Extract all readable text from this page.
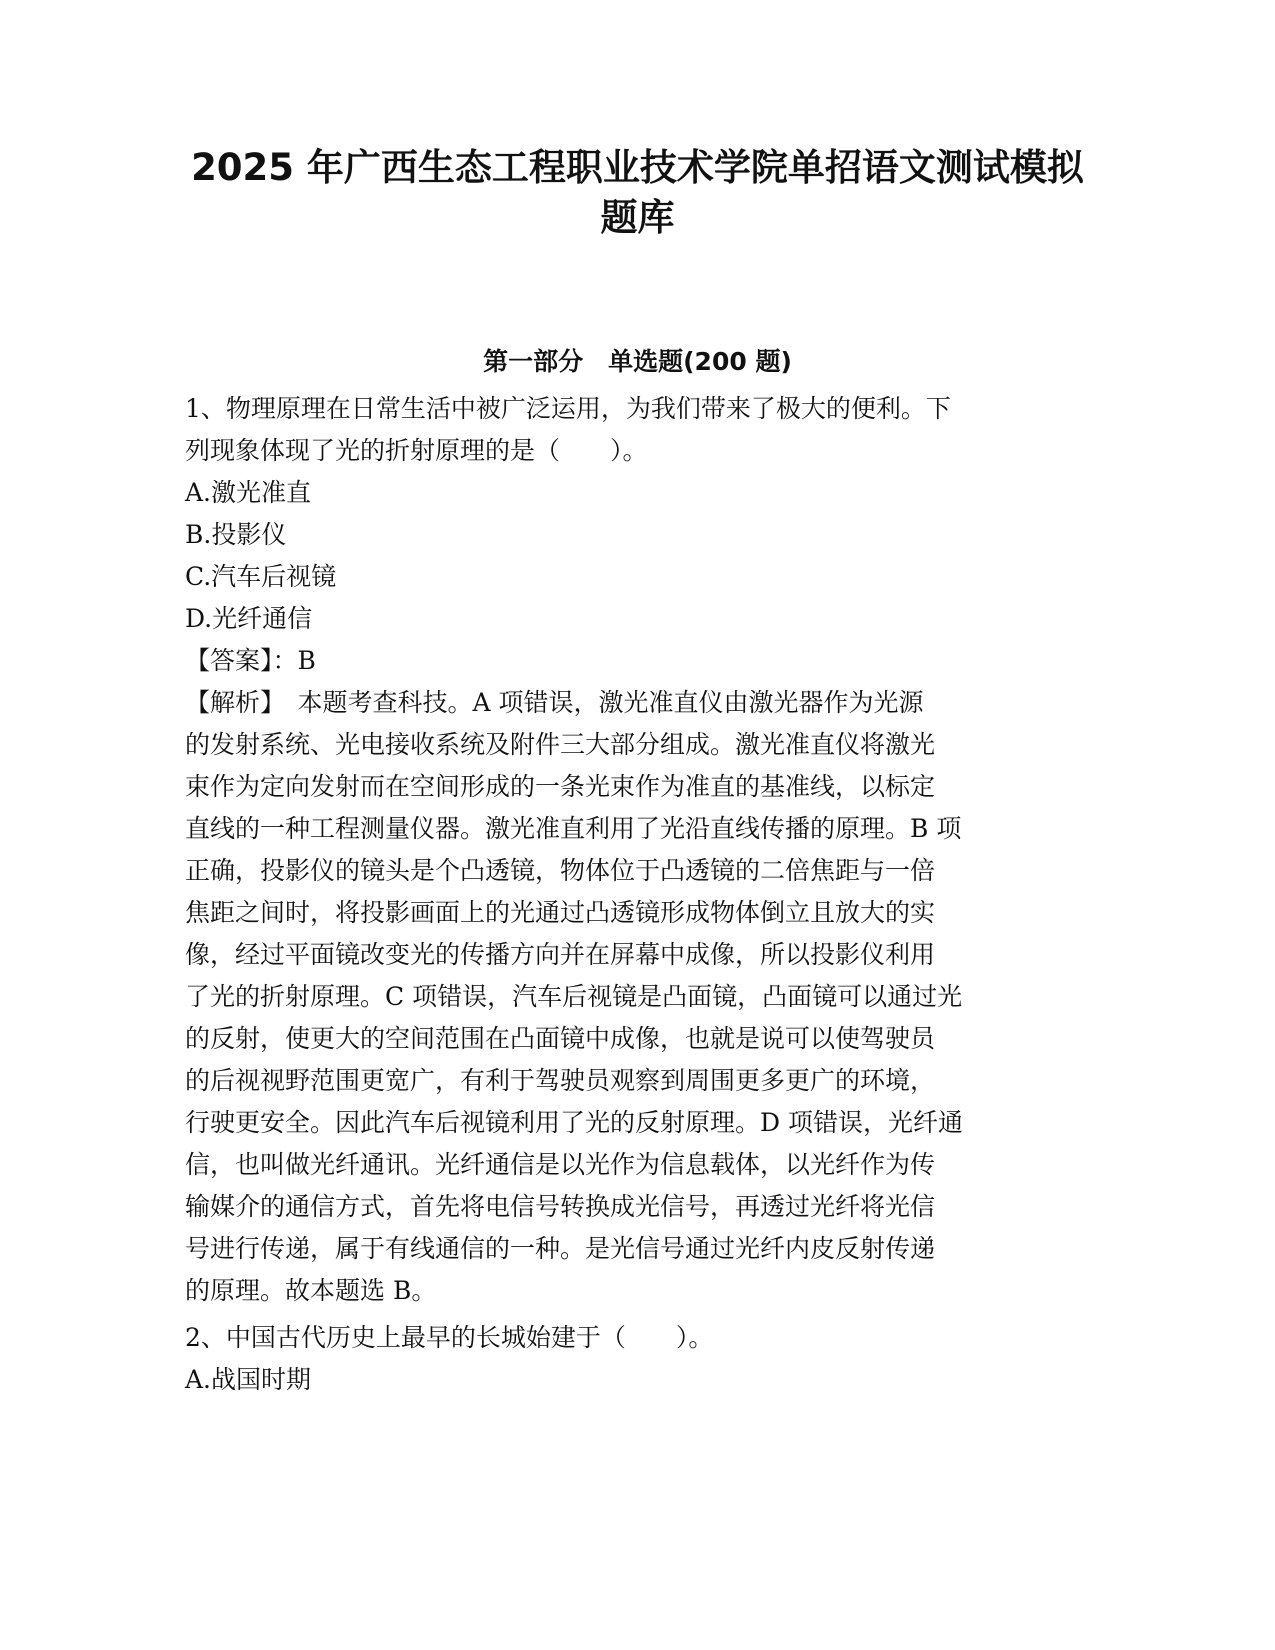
2025 年广西生态工程职业技术学院单招语文测试模拟
题库
第一部分　单选题(200 题)
1、物理原理在日常生活中被广泛运用，为我们带来了极大的便利。下
列现象体现了光的折射原理的是（　　）。
A.激光准直
B.投影仪
C.汽车后视镜
D.光纤通信
【答案】：B
【解析】　本题考查科技。A 项错误，激光准直仪由激光器作为光源
的发射系统、光电接收系统及附件三大部分组成。激光准直仪将激光
束作为定向发射而在空间形成的一条光束作为准直的基准线，以标定
直线的一种工程测量仪器。激光准直利用了光沿直线传播的原理。B 项
正确，投影仪的镜头是个凸透镜，物体位于凸透镜的二倍焦距与一倍
焦距之间时，将投影画面上的光通过凸透镜形成物体倒立且放大的实
像，经过平面镜改变光的传播方向并在屏幕中成像，所以投影仪利用
了光的折射原理。C 项错误，汽车后视镜是凸面镜，凸面镜可以通过光
的反射，使更大的空间范围在凸面镜中成像，也就是说可以使驾驶员
的后视视野范围更宽广，有利于驾驶员观察到周围更多更广的环境，
行驶更安全。因此汽车后视镜利用了光的反射原理。D 项错误，光纤通
信，也叫做光纤通讯。光纤通信是以光作为信息载体，以光纤作为传
输媒介的通信方式，首先将电信号转换成光信号，再透过光纤将光信
号进行传递，属于有线通信的一种。是光信号通过光纤内皮反射传递
的原理。故本题选 B。
2、中国古代历史上最早的长城始建于（　　）。
A.战国时期
